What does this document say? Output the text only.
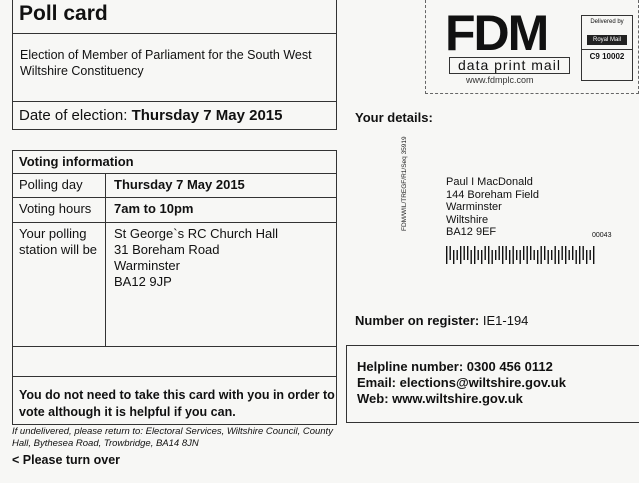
Poll card
Election of Member of Parliament for the South West Wiltshire Constituency
Date of election: Thursday 7 May 2015
Voting information
Polling day	Thursday 7 May 2015
Voting hours	7am to 10pm
Your polling station will be
St George`s RC Church Hall
31 Boreham Road
Warminster
BA12 9JP
You do not need to take this card with you in order to vote although it is helpful if you can.
If undelivered, please return to: Electoral Services, Wiltshire Council, County Hall, Bythesea Road, Trowbridge, BA14 8JN
< Please turn over
FDM
data print mail
www.fdmplc.com
Delivered by
Royal Mail
C9 10002
Your details:
FDM/WIL/TREGF/R1/Seq 35919	Paul I MacDonald
144 Boreham Field
Warminster
Wiltshire
BA12 9EF	00043
Number on register: IE1-194
Helpline number: 0300 456 0112
Email: elections@wiltshire.gov.uk
Web: www.wiltshire.gov.uk
